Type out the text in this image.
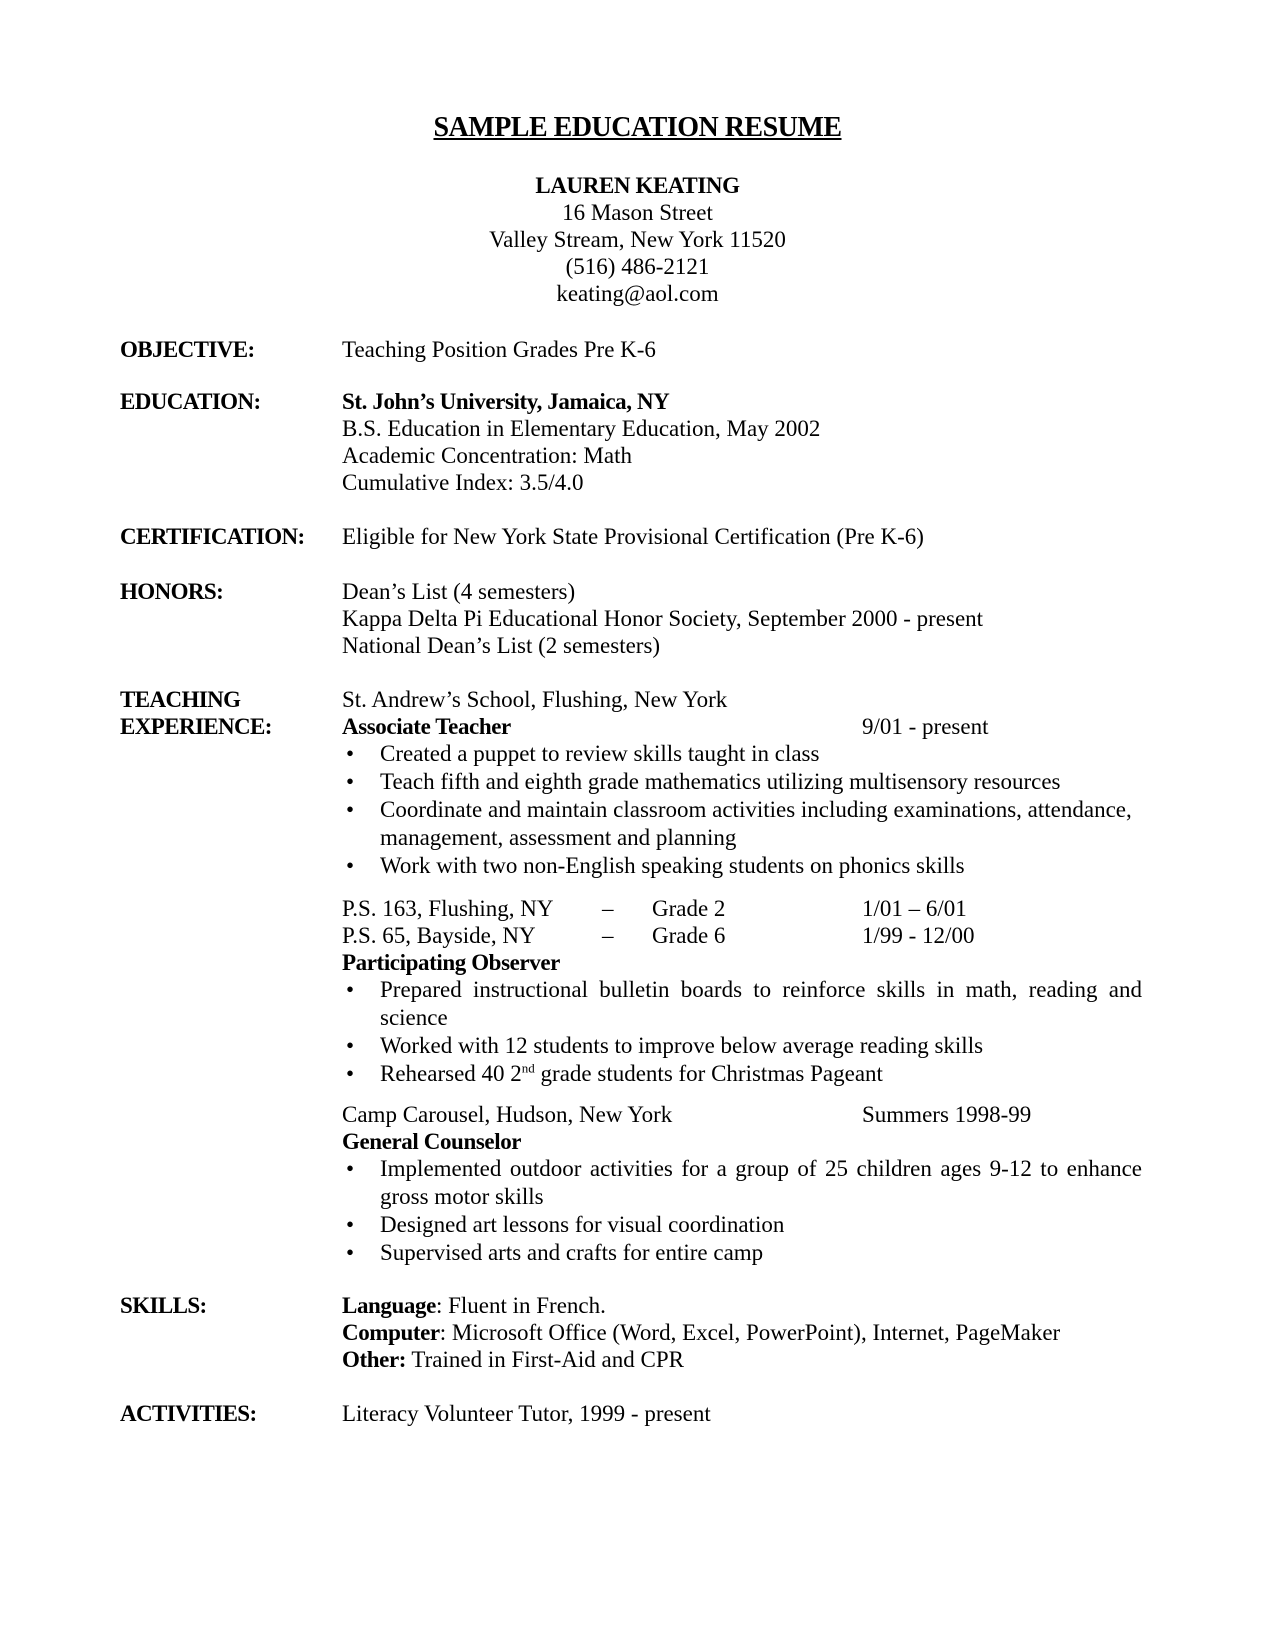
SAMPLE EDUCATION RESUME
LAUREN KEATING
16 Mason Street
Valley Stream, New York 11520
(516) 486-2121
keating@aol.com
OBJECTIVE:	Teaching Position Grades Pre K-6
EDUCATION:	St. John’s University, Jamaica, NY
B.S. Education in Elementary Education, May 2002
Academic Concentration: Math
Cumulative Index: 3.5/4.0
CERTIFICATION: Eligible for New York State Provisional Certification (Pre K-6)
HONORS:	Dean’s List (4 semesters)
Kappa Delta Pi Educational Honor Society, September 2000 - present
National Dean’s List (2 semesters)
TEACHING
EXPERIENCE:
St. Andrew’s School, Flushing, New York
Associate Teacher	9/01 - present
• Created a puppet to review skills taught in class
• Teach fifth and eighth grade mathematics utilizing multisensory resources
• Coordinate and maintain classroom activities including examinations, attendance, management, assessment and planning
• Work with two non-English speaking students on phonics skills
P.S. 163, Flushing, NY – Grade 2	1/01 – 6/01
P.S. 65, Bayside, NY	– Grade 6	1/99 - 12/00
Participating Observer
• Prepared instructional bulletin boards to reinforce skills in math, reading and science
• Worked with 12 students to improve below average reading skills
• Rehearsed 40 2nd grade students for Christmas Pageant
Camp Carousel, Hudson, New York	Summers 1998-99
General Counselor
• Implemented outdoor activities for a group of 25 children ages 9-12 to enhance gross motor skills
• Designed art lessons for visual coordination
• Supervised arts and crafts for entire camp
SKILLS:	Language: Fluent in French.
Computer: Microsoft Office (Word, Excel, PowerPoint), Internet, PageMaker
Other: Trained in First-Aid and CPR
ACTIVITIES:	Literacy Volunteer Tutor, 1999 - present
